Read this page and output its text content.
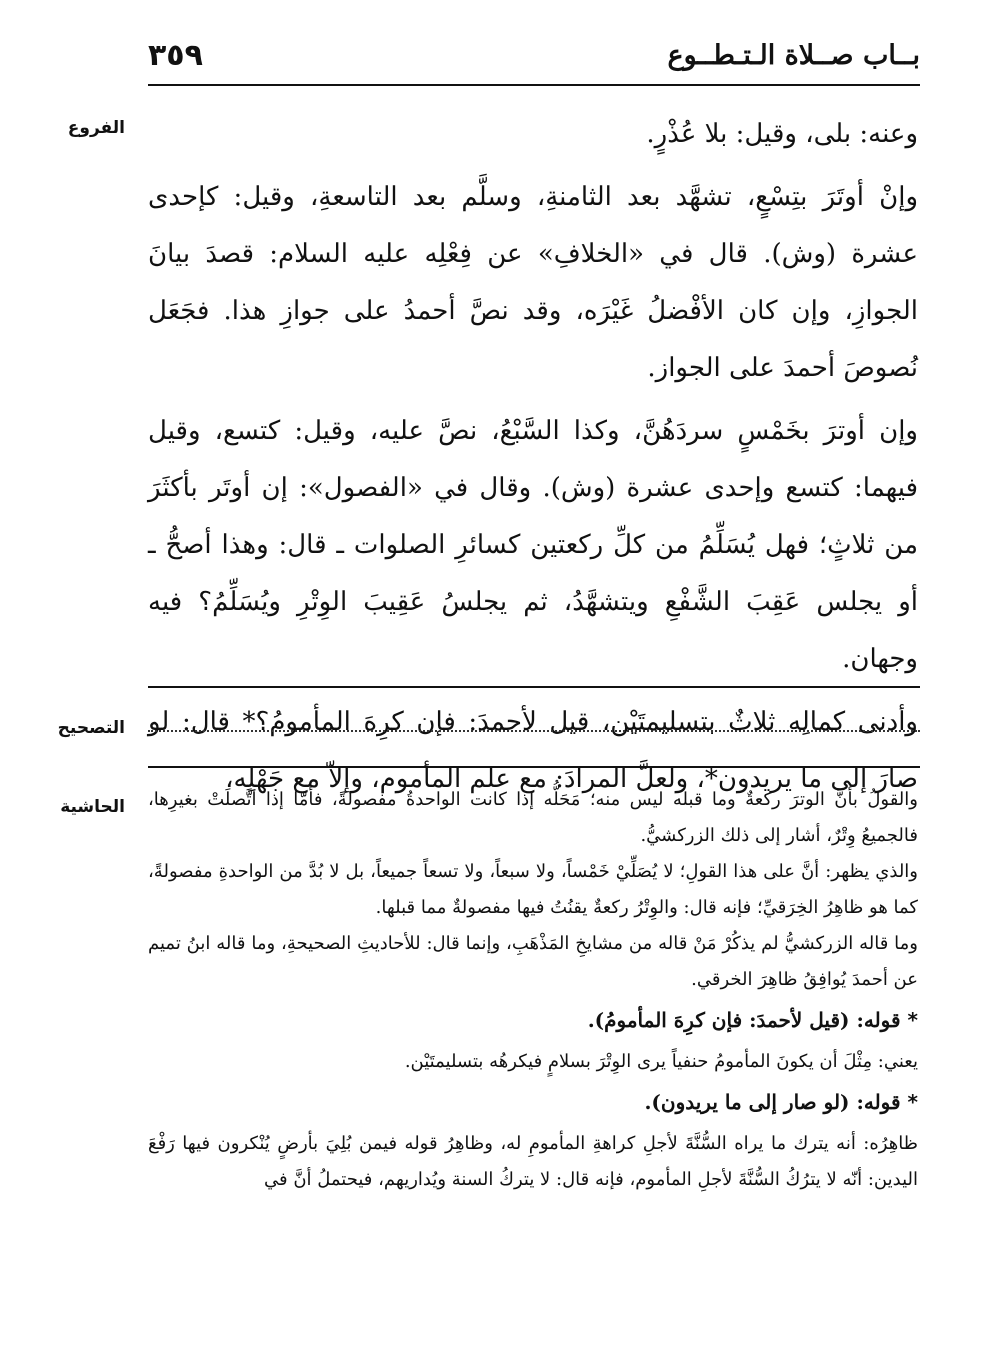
بــاب صــلاة الـتـطــوع
٣٥٩
الفروع	وعنه: بلى، وقيل: بلا عُذْرٍ.

وإنْ أوتَرَ بتِسْعٍ، تشهَّد بعد الثامنةِ، وسلَّم بعد التاسعةِ، وقيل: كإحدى عشرة (وش). قال في «الخلافِ» عن فِعْلِه عليه السلام: قصدَ بيانَ الجوازِ، وإن كان الأفْضلُ غَيْرَه، وقد نصَّ أحمدُ على جوازِ هذا. فجَعَل نُصوصَ أحمدَ على الجواز.

وإن أوترَ بخَمْسٍ سردَهُنَّ، وكذا السَّبْعُ، نصَّ عليه، وقيل: كتسع، وقيل فيهما: كتسع وإحدى عشرة (وش). وقال في «الفصول»: إن أوتَر بأكثَرَ من ثلاثٍ؛ فهل يُسَلِّمُ من كلِّ ركعتين كسائرِ الصلوات ـ قال: وهذا أصحُّ ـ أو يجلس عَقِبَ الشَّفْعِ ويتشهَّدُ، ثم يجلسُ عَقِيبَ الوِتْرِ ويُسَلِّمُ؟ فيه وجهان.

وأدنى كمالِه ثلاثٌ بتسليمتَيْن، قيل لأحمدَ: فإن كرِهَ المأمومُ؟* قال: لو صارَ إلى ما يريدون*، ولعلَّ المرادَ: مع علم المأموم، وإلاّ مع جَهْلِه،

التصحيح
الحاشية والقولُ بأنَّ الوترَ ركعةٌ وما قبله ليس منه؛ مَحَلُّه إذا كانت الواحدةُ مفصولةً، فأمّا إذا اتَّصلَتْ بغيرِها، فالجميعُ وِتْرٌ، أشار إلى ذلك الزركشيُّ.

والذي يظهر: أنَّ على هذا القولِ؛ لا يُصَلِّيْ خَمْساً، ولا سبعاً، ولا تسعاً جميعاً، بل لا بُدَّ من الواحدةِ مفصولةً، كما هو ظاهِرُ الخِرَقيِّ؛ فإنه قال: والوِتْرُ ركعةٌ يقنُتُ فيها مفصولةٌ مما قبلها.

وما قاله الزركشيُّ لم يذكُرْ مَنْ قاله من مشايخِ المَذْهَبِ، وإنما قال: للأحاديثِ الصحيحةِ، وما قاله ابنُ تميم عن أحمدَ يُوافِقُ ظاهِرَ الخرقي.

* قوله: (قيل لأحمدَ: فإن كرِهَ المأمومُ).

يعني: مِثْلَ أن يكونَ المأمومُ حنفياً يرى الوِتْرَ بسلامٍ فيكرهُه بتسليمتَيْن.

* قوله: (لو صار إلى ما يريدون).

ظاهِرُه: أنه يترك ما يراه السُّنَّةَ لأجلِ كراهةِ المأمومِ له، وظاهِرُ قوله فيمن بُلِيَ بأرضٍ يُنْكرون فيها رَفْعَ اليدين: أنّه لا يترُكُ السُّنَّةَ لأجلِ المأموم، فإنه قال: لا يتركُ السنة ويُداريهم، فيحتملُ أنَّ في
